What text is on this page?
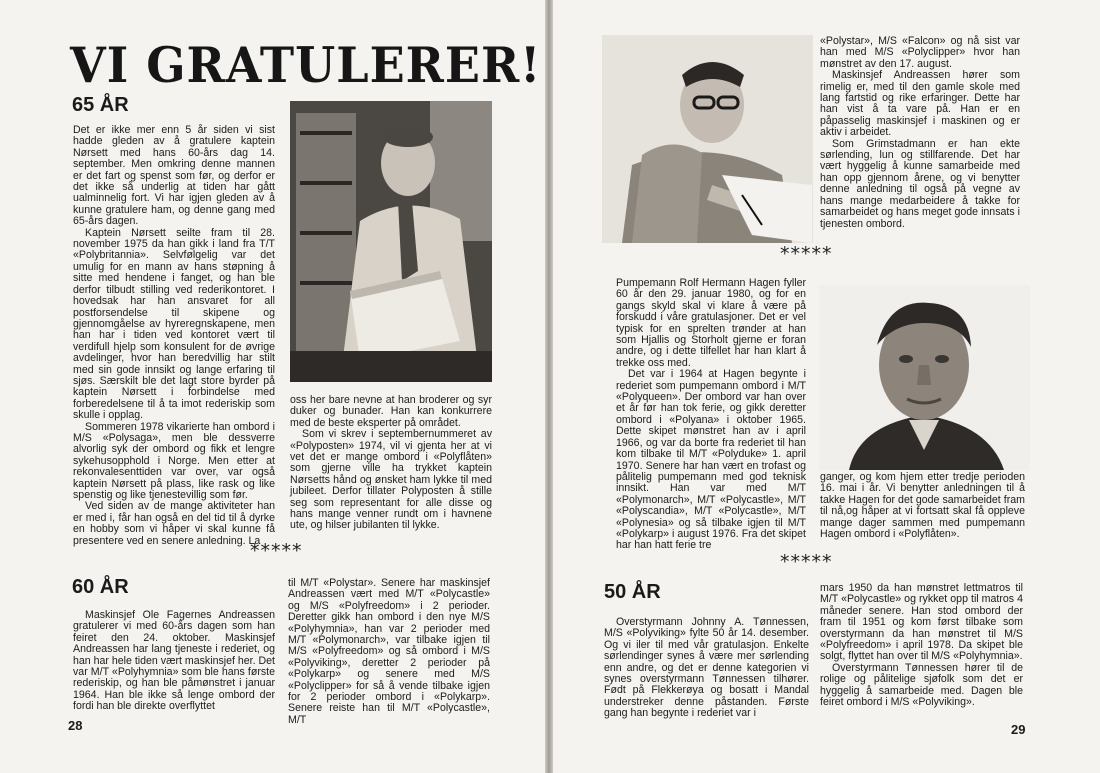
VI GRATULERER!
65 ÅR

Det er ikke mer enn 5 år siden vi sist hadde gleden av å gratulere kaptein Nørsett med hans 60-års dag 14. september. Men omkring denne mannen er det fart og spenst som før, og derfor er det ikke så underlig at tiden har gått ualminnelig fort. Vi har igjen gleden av å kunne gratulere ham, og denne gang med 65-års dagen.

Kaptein Nørsett seilte fram til 28. november 1975 da han gikk i land fra T/T «Polybritannia». Selvfølgelig var det umulig for en mann av hans støpning å sitte med hendene i fanget, og han ble derfor tilbudt stilling ved rederikontoret. I hovedsak har han ansvaret for all postforsendelse til skipene og gjennomgåelse av hyreregnskapene, men han har i tiden ved kontoret vært til verdifull hjelp som konsulent for de øvrige avdelinger, hvor han beredvillig har stilt med sin gode innsikt og lange erfaring til sjøs. Særskilt ble det lagt store byrder på kaptein Nørsett i forbindelse med forberedelsene til å ta imot rederiskip som skulle i opplag.

Sommeren 1978 vikarierte han ombord i M/S «Polysaga», men ble dessverre alvorlig syk der ombord og fikk et lengre sykehusopphold i Norge. Men etter at rekonvalesenttiden var over, var også kaptein Nørsett på plass, like rask og like spenstig og like tjenestevillig som før.

Ved siden av de mange aktiviteter han er med i, får han også en del tid til å dyrke en hobby som vi håper vi skal kunne få presentere ved en senere anledning. La

oss her bare nevne at han broderer og syr duker og bunader. Han kan konkurrere med de beste eksperter på området.

Som vi skrev i septembernummeret av «Polyposten» 1974, vil vi gjenta her at vi vet det er mange ombord i «Polyflåten» som gjerne ville ha trykket kaptein Nørsetts hånd og ønsket ham lykke til med jubileet. Derfor tillater Polyposten å stille seg som representant for alle disse og hans mange venner rundt om i havnene ute, og hilser jubilanten til lykke.

*****
60 ÅR

Maskinsjef Ole Fagernes Andreassen gratulerer vi med 60-års dagen som han feiret den 24. oktober. Maskinsjef Andreassen har lang tjeneste i rederiet, og han har hele tiden vært maskinsjef her. Det var M/T «Polyhymnia» som ble hans første rederiskip, og han ble påmønstret i januar 1964. Han ble ikke så lenge ombord der fordi han ble direkte overflyttet

til M/T «Polystar». Senere har maskinsjef Andreassen vært med M/T «Polycastle» og M/S «Polyfreedom» i 2 perioder. Deretter gikk han ombord i den nye M/S «Polyhymnia», han var 2 perioder med M/T «Polymonarch», var tilbake igjen til M/S «Polyfreedom» og så ombord i M/S «Polyviking», deretter 2 perioder på «Polykarp» og senere med M/S «Polyclipper» for så å vende tilbake igjen for 2 perioder ombord i «Polykarp». Senere reiste han til M/T «Polycastle», M/T

28

«Polystar», M/S «Falcon» og nå sist var han med M/S «Polyclipper» hvor han mønstret av den 17. august.

Maskinsjef Andreassen hører som rimelig er, med til den gamle skole med lang fartstid og rike erfaringer. Dette har han vist å ta vare på. Han er en påpasselig maskinsjef i maskinen og er aktiv i arbeidet.

Som Grimstadmann er han ekte sørlending, lun og stillfarende. Det har vært hyggelig å kunne samarbeide med han opp gjennom årene, og vi benytter denne anledning til også på vegne av hans mange medarbeidere å takke for samarbeidet og hans meget gode innsats i tjenesten ombord.

*****

Pumpemann Rolf Hermann Hagen fyller 60 år den 29. januar 1980, og for en gangs skyld skal vi klare å være på forskudd i våre gratulasjoner. Det er vel typisk for en sprelten trønder at han som Hjallis og Storholt gjerne er foran andre, og i dette tilfellet har han klart å trekke oss med.

Det var i 1964 at Hagen begynte i rederiet som pumpemann ombord i M/T «Polyqueen». Der ombord var han over et år før han tok ferie, og gikk deretter ombord i «Polyana» i oktober 1965. Dette skipet mønstret han av i april 1966, og var da borte fra rederiet til han kom tilbake til M/T «Polyduke» 1. april 1970. Senere har han vært en trofast og pålitelig pumpemann med god teknisk innsikt. Han var med M/T «Polymonarch», M/T «Polycastle», M/T «Polyscandia», M/T «Polycastle», M/T «Polynesia» og så tilbake igjen til M/T «Polykarp» i august 1976. Fra det skipet har han hatt ferie tre

ganger, og kom hjem etter tredje perioden 16. mai i år. Vi benytter anledningen til å takke Hagen for det gode samarbeidet fram til nå,og håper at vi fortsatt skal få oppleve mange dager sammen med pumpemann Hagen ombord i «Polyflåten».

*****
50 ÅR

Overstyrmann Johnny A. Tønnessen, M/S «Polyviking» fylte 50 år 14. desember. Og vi iler til med vår gratulasjon. Enkelte sørlendinger synes å være mer sørlending enn andre, og det er denne kategorien vi synes overstyrmann Tønnessen tilhører. Født på Flekkerøya og bosatt i Mandal understreker denne påstanden. Første gang han begynte i rederiet var i

mars 1950 da han mønstret lettmatros til M/T «Polycastle» og rykket opp til matros 4 måneder senere. Han stod ombord der fram til 1951 og kom først tilbake som overstyrmann da han mønstret til M/S «Polyfreedom» i april 1978. Da skipet ble solgt, flyttet han over til M/S «Polyhymnia».

Overstyrmann Tønnessen hører til de rolige og pålitelige sjøfolk som det er hyggelig å samarbeide med. Dagen ble feiret ombord i M/S «Polyviking».

29
